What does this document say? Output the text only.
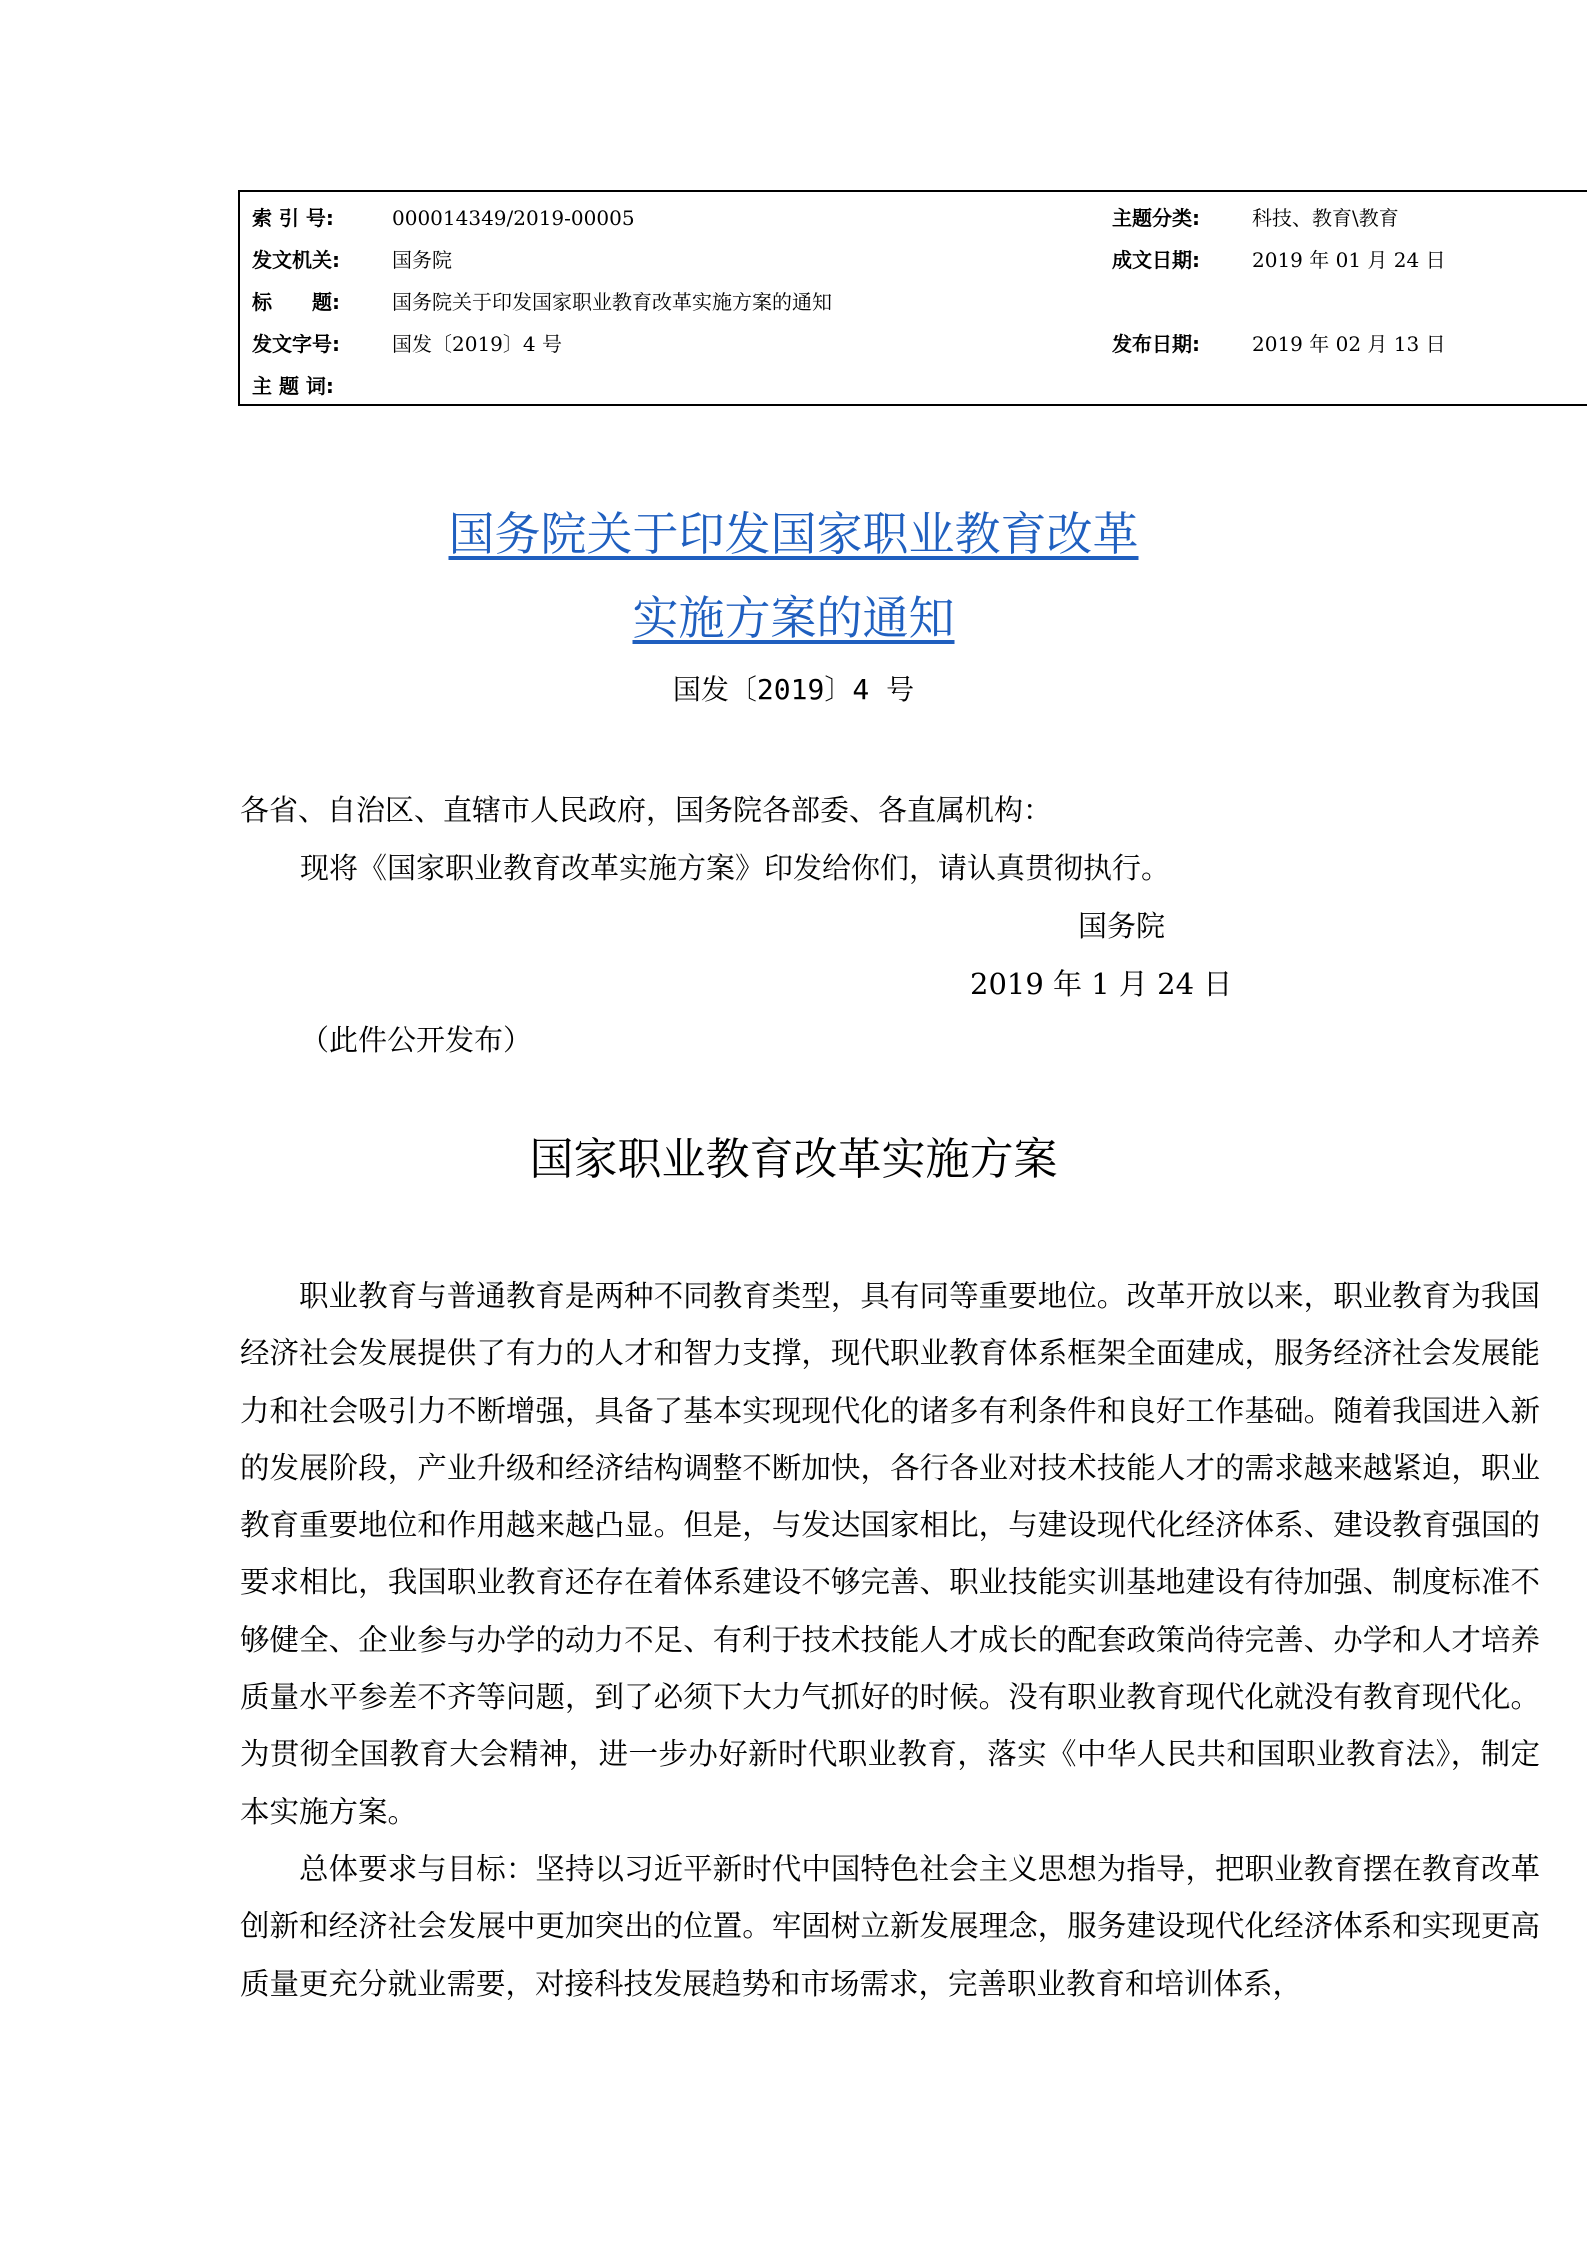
索 引 号:	000014349/2019-00005	主题分类:	科技、教育\教育
发文机关:	国务院	成文日期:	2019 年 01 月 24 日
标　　题:	国务院关于印发国家职业教育改革实施方案的通知
发文字号:	国发〔2019〕4 号	发布日期:	2019 年 02 月 13 日
主 题 词:
国务院关于印发国家职业教育改革
实施方案的通知
国发〔2019〕4 号
各省、自治区、直辖市人民政府，国务院各部委、各直属机构：
现将《国家职业教育改革实施方案》印发给你们，请认真贯彻执行。
国务院
2019 年 1 月 24 日
（此件公开发布）
国家职业教育改革实施方案

职业教育与普通教育是两种不同教育类型，具有同等重要地位。改革开放以来，职业教育为我国经济社会发展提供了有力的人才和智力支撑，现代职业教育体系框架全面建成，服务经济社会发展能力和社会吸引力不断增强，具备了基本实现现代化的诸多有利条件和良好工作基础。随着我国进入新的发展阶段，产业升级和经济结构调整不断加快，各行各业对技术技能人才的需求越来越紧迫，职业教育重要地位和作用越来越凸显。但是，与发达国家相比，与建设现代化经济体系、建设教育强国的要求相比，我国职业教育还存在着体系建设不够完善、职业技能实训基地建设有待加强、制度标准不够健全、企业参与办学的动力不足、有利于技术技能人才成长的配套政策尚待完善、办学和人才培养质量水平参差不齐等问题，到了必须下大力气抓好的时候。没有职业教育现代化就没有教育现代化。为贯彻全国教育大会精神，进一步办好新时代职业教育，落实《中华人民共和国职业教育法》，制定本实施方案。

总体要求与目标：坚持以习近平新时代中国特色社会主义思想为指导，把职业教育摆在教育改革创新和经济社会发展中更加突出的位置。牢固树立新发展理念，服务建设现代化经济体系和实现更高质量更充分就业需要，对接科技发展趋势和市场需求，完善职业教育和培训体系，
